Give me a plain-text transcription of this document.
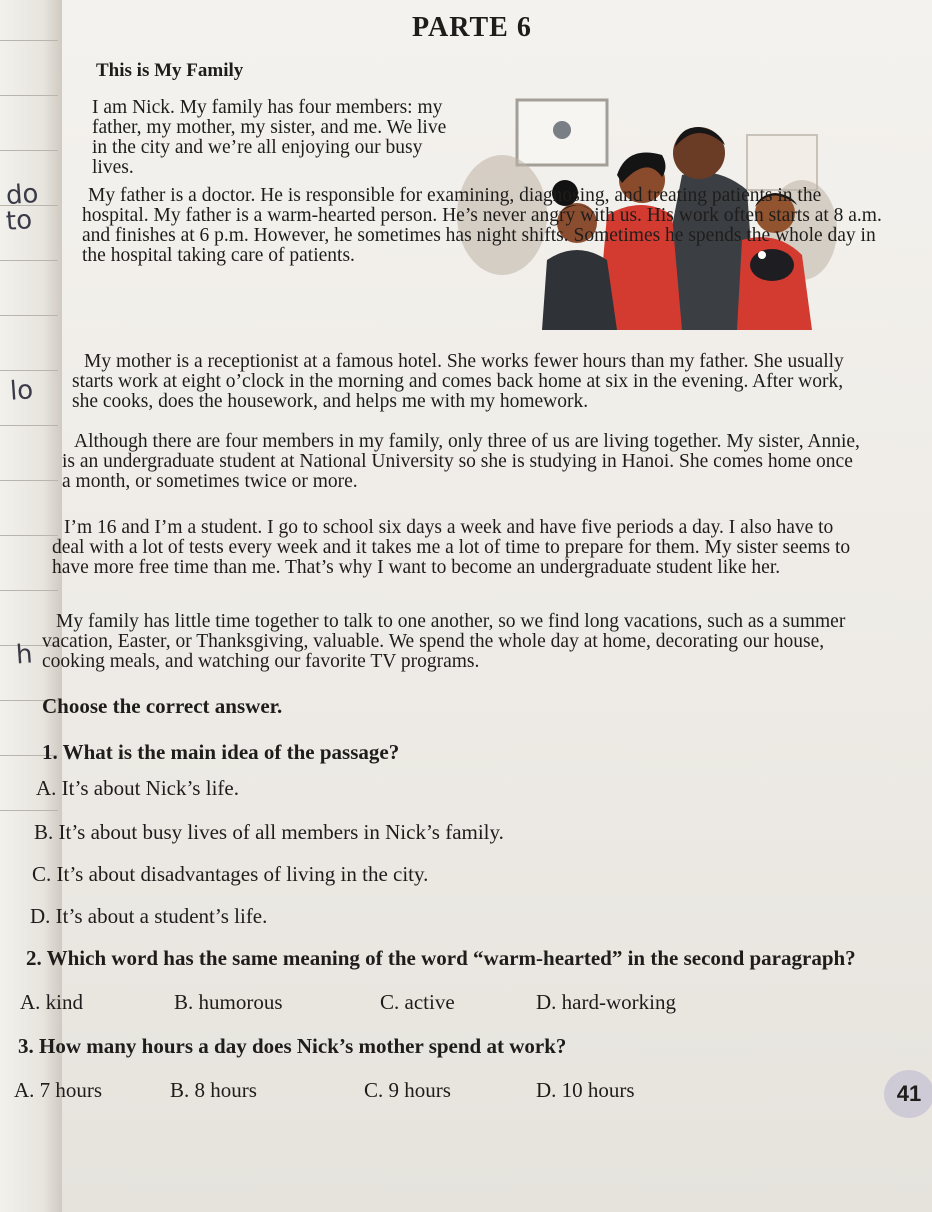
do
to
lo
h
PARTE 6
This is My Family

I am Nick. My family has four members: my father, my mother, my sister, and me. We live in the city and we’re all enjoying our busy lives.

My father is a doctor. He is responsible for examining, diagnosing, and treating patients in the hospital. My father is a warm-hearted person. He’s never angry with us. His work often starts at 8 a.m. and finishes at 6 p.m. However, he sometimes has night shifts. Sometimes he spends the whole day in the hospital taking care of patients.

My mother is a receptionist at a famous hotel. She works fewer hours than my father. She usually starts work at eight o’clock in the morning and comes back home at six in the evening. After work, she cooks, does the housework, and helps me with my homework.

Although there are four members in my family, only three of us are living together. My sister, Annie, is an undergraduate student at National University so she is studying in Hanoi. She comes home once a month, or sometimes twice or more.

I’m 16 and I’m a student. I go to school six days a week and have five periods a day. I also have to deal with a lot of tests every week and it takes me a lot of time to prepare for them. My sister seems to have more free time than me. That’s why I want to become an undergraduate student like her.

My family has little time together to talk to one another, so we find long vacations, such as a summer vacation, Easter, or Thanksgiving, valuable. We spend the whole day at home, decorating our house, cooking meals, and watching our favorite TV programs.

Choose the correct answer.
1. What is the main idea of the passage?
A. It’s about Nick’s life.
B. It’s about busy lives of all members in Nick’s family.
C. It’s about disadvantages of living in the city.
D. It’s about a student’s life.
2. Which word has the same meaning of the word “warm-hearted” in the second paragraph?
A. kind	B. humorous	C. active	D. hard-working
3. How many hours a day does Nick’s mother spend at work?
A. 7 hours	B. 8 hours	C. 9 hours	D. 10 hours	41
